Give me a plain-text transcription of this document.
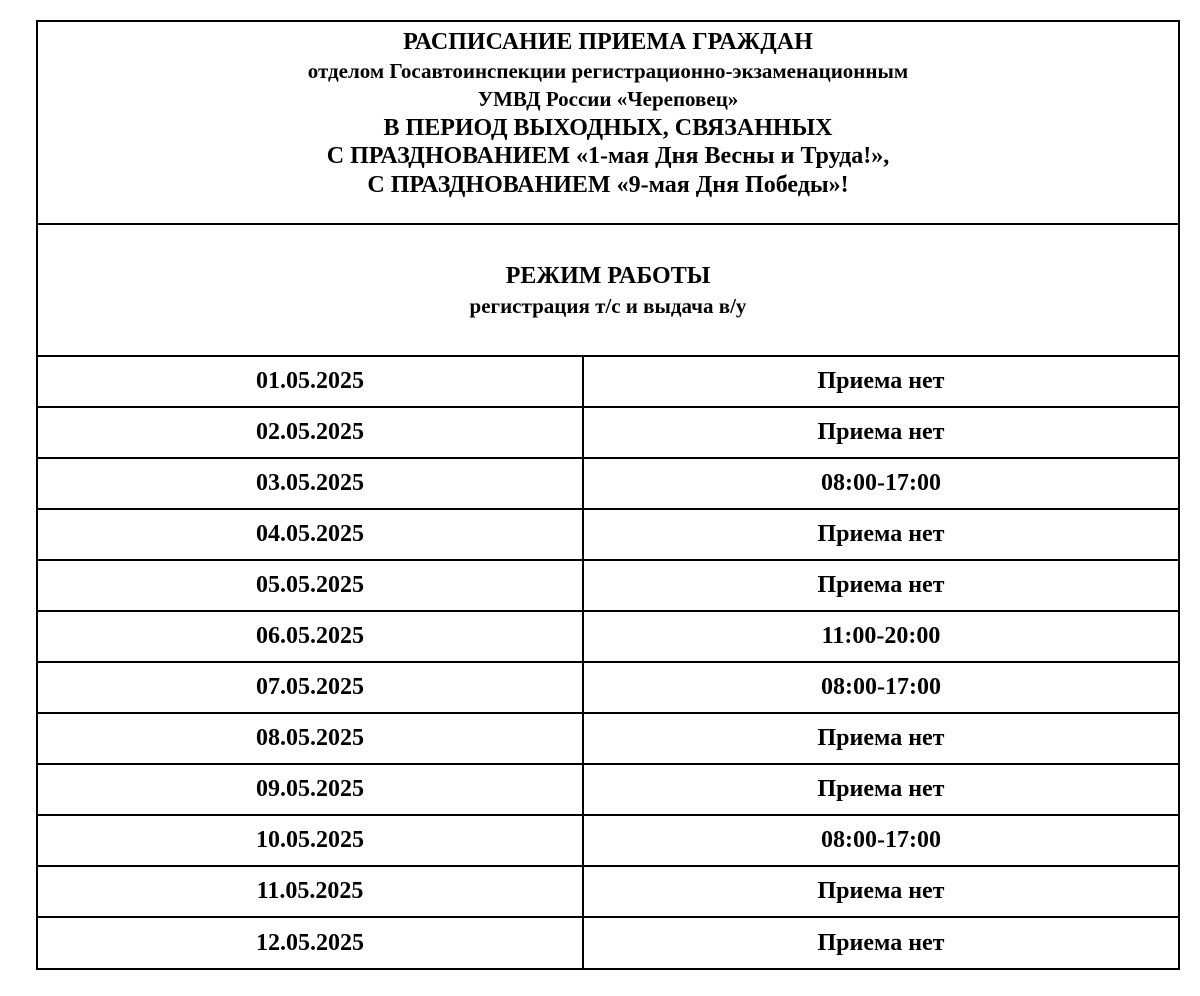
РАСПИСАНИЕ ПРИЕМА ГРАЖДАН
отделом Госавтоинспекции регистрационно-экзаменационным
УМВД России «Череповец»
В ПЕРИОД ВЫХОДНЫХ, СВЯЗАННЫХ
С ПРАЗДНОВАНИЕМ «1-мая Дня Весны и Труда!»,
С ПРАЗДНОВАНИЕМ «9-мая Дня Победы»!
РЕЖИМ РАБОТЫ
регистрация т/с и выдача в/у
01.05.2025	Приема нет
02.05.2025	Приема нет
03.05.2025	08:00-17:00
04.05.2025	Приема нет
05.05.2025	Приема нет
06.05.2025	11:00-20:00
07.05.2025	08:00-17:00
08.05.2025	Приема нет
09.05.2025	Приема нет
10.05.2025	08:00-17:00
11.05.2025	Приема нет
12.05.2025	Приема нет
